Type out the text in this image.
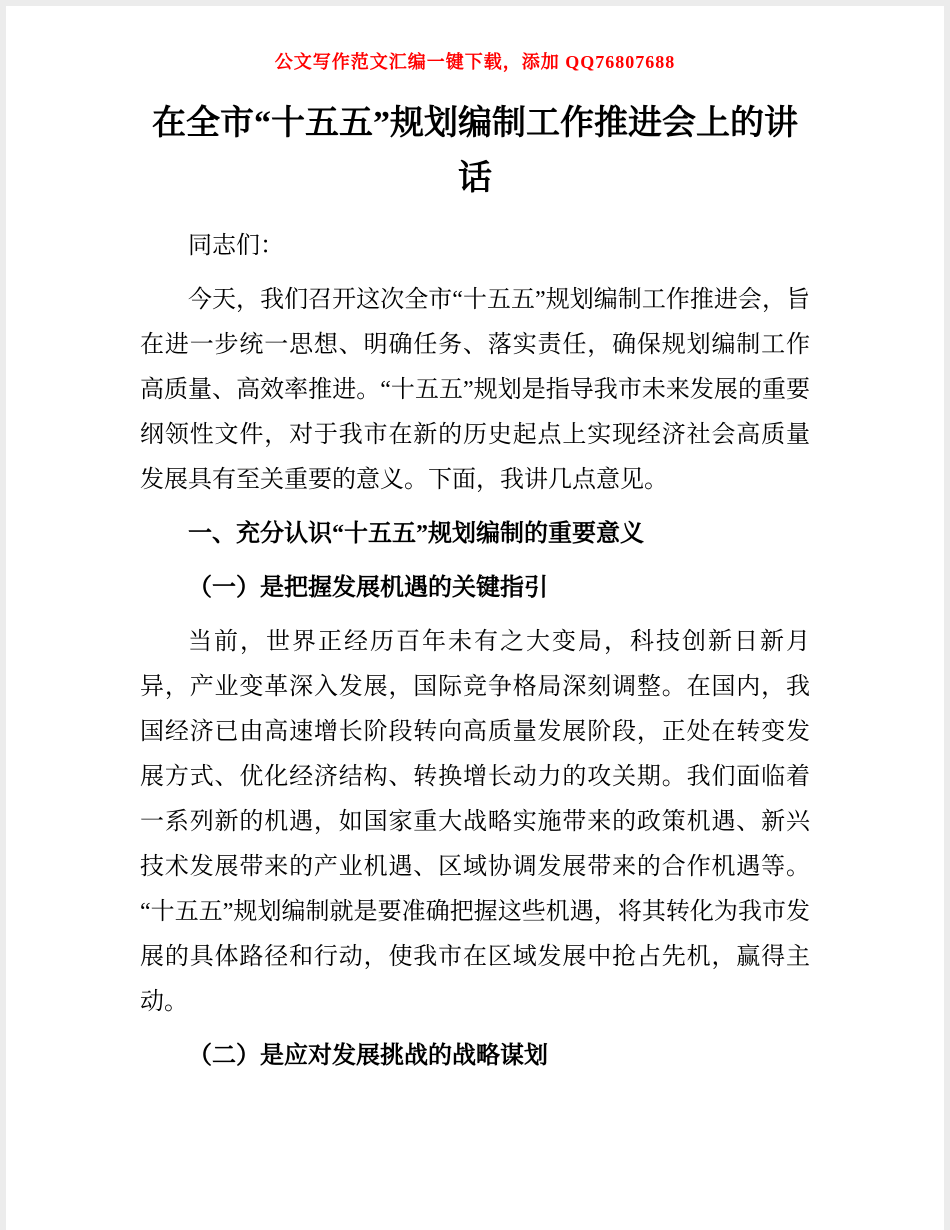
公文写作范文汇编一键下载，添加 QQ76807688
在全市“十五五”规划编制工作推进会上的讲话

同志们：

今天，我们召开这次全市“十五五”规划编制工作推进会，旨在进一步统一思想、明确任务、落实责任，确保规划编制工作高质量、高效率推进。“十五五”规划是指导我市未来发展的重要纲领性文件，对于我市在新的历史起点上实现经济社会高质量发展具有至关重要的意义。下面，我讲几点意见。

一、充分认识“十五五”规划编制的重要意义

（一）是把握发展机遇的关键指引

当前，世界正经历百年未有之大变局，科技创新日新月异，产业变革深入发展，国际竞争格局深刻调整。在国内，我国经济已由高速增长阶段转向高质量发展阶段，正处在转变发展方式、优化经济结构、转换增长动力的攻关期。我们面临着一系列新的机遇，如国家重大战略实施带来的政策机遇、新兴技术发展带来的产业机遇、区域协调发展带来的合作机遇等。“十五五”规划编制就是要准确把握这些机遇，将其转化为我市发展的具体路径和行动，使我市在区域发展中抢占先机，赢得主动。

（二）是应对发展挑战的战略谋划
